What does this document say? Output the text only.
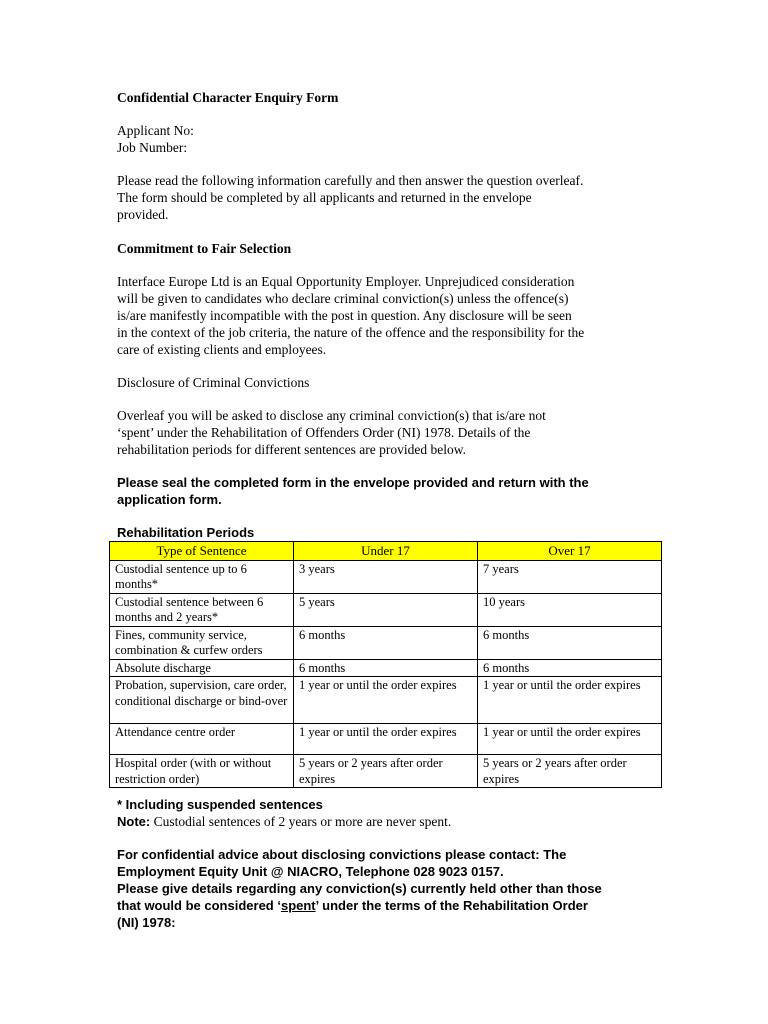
Confidential Character Enquiry Form
Applicant No:
Job Number:
Please read the following information carefully and then answer the question overleaf.
The form should be completed by all applicants and returned in the envelope
provided.
Commitment to Fair Selection
Interface Europe Ltd is an Equal Opportunity Employer. Unprejudiced consideration
will be given to candidates who declare criminal conviction(s) unless the offence(s)
is/are manifestly incompatible with the post in question. Any disclosure will be seen
in the context of the job criteria, the nature of the offence and the responsibility for the
care of existing clients and employees.
Disclosure of Criminal Convictions
Overleaf you will be asked to disclose any criminal conviction(s) that is/are not
‘spent’ under the Rehabilitation of Offenders Order (NI) 1978. Details of the
rehabilitation periods for different sentences are provided below.
Please seal the completed form in the envelope provided and return with the
application form.
Rehabilitation Periods
Type of Sentence	Under 17	Over 17
Custodial sentence up to 6 months*	3 years	7 years
Custodial sentence between 6 months and 2 years*	5 years	10 years
Fines, community service, combination & curfew orders	6 months	6 months
Absolute discharge	6 months	6 months
Probation, supervision, care order, conditional discharge or bind-over	1 year or until the order expires	1 year or until the order expires
Attendance centre order	1 year or until the order expires	1 year or until the order expires
Hospital order (with or without restriction order)	5 years or 2 years after order expires	5 years or 2 years after order expires
* Including suspended sentences
Note: Custodial sentences of 2 years or more are never spent.
For confidential advice about disclosing convictions please contact: The
Employment Equity Unit @ NIACRO, Telephone 028 9023 0157.
Please give details regarding any conviction(s) currently held other than those
that would be considered ‘spent’ under the terms of the Rehabilitation Order
(NI) 1978:
